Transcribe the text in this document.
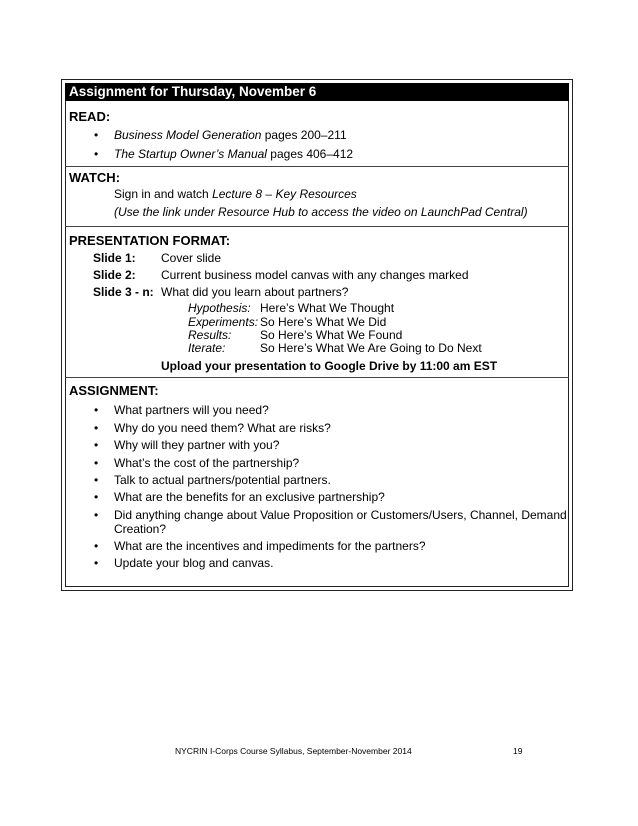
Assignment for Thursday, November 6
READ:
• Business Model Generation pages 200–211
• The Startup Owner’s Manual pages 406–412
WATCH:
Sign in and watch Lecture 8 – Key Resources
(Use the link under Resource Hub to access the video on LaunchPad Central)
PRESENTATION FORMAT:
Slide 1: Cover slide
Slide 2: Current business model canvas with any changes marked
Slide 3 - n: What did you learn about partners?
Hypothesis: Here’s What We Thought
Experiments: So Here’s What We Did
Results: So Here’s What We Found
Iterate:	So Here’s What We Are Going to Do Next
Upload your presentation to Google Drive by 11:00 am EST
ASSIGNMENT:
• What partners will you need?
• Why do you need them? What are risks?
• Why will they partner with you?
• What’s the cost of the partnership?
• Talk to actual partners/potential partners.
• What are the benefits for an exclusive partnership?
• Did anything change about Value Proposition or Customers/Users, Channel, Demand
Creation?
• What are the incentives and impediments for the partners?
• Update your blog and canvas.
NYCRIN I-Corps Course Syllabus, September-November 2014	19
